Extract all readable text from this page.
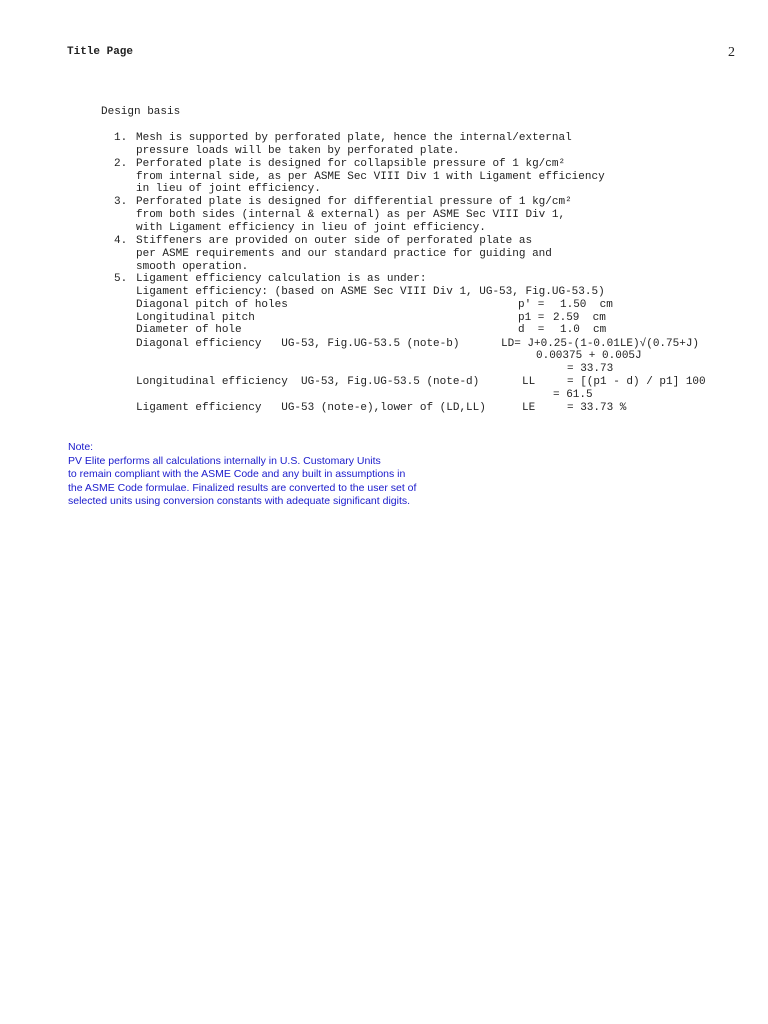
Title Page	2
Design basis
1. Mesh is supported by perforated plate, hence the internal/external
pressure loads will be taken by perforated plate.
2. Perforated plate is designed for collapsible pressure of 1 kg/cm²
from internal side, as per ASME Sec VIII Div 1 with Ligament efficiency
in lieu of joint efficiency.
3. Perforated plate is designed for differential pressure of 1 kg/cm²
from both sides (internal & external) as per ASME Sec VIII Div 1,
with Ligament efficiency in lieu of joint efficiency.
4. Stiffeners are provided on outer side of perforated plate as
per ASME requirements and our standard practice for guiding and
smooth operation.
5. Ligament efficiency calculation is as under:
Ligament efficiency: (based on ASME Sec VIII Div 1, UG-53, Fig.UG-53.5)
Diagonal pitch of holes	p' = 1.50  cm
Longitudinal pitch	p1 = 2.59  cm
Diameter of hole	d  = 1.0  cm
Diagonal efficiency   UG-53, Fig.UG-53.5 (note-b)	LD= J+0.25-(1-0.01LE)√(0.75+J)
0.00375 + 0.005J
= 33.73
Longitudinal efficiency  UG-53, Fig.UG-53.5 (note-d)	LL	= [(p1 - d) / p1] 100
= 61.5
Ligament efficiency   UG-53 (note-e),lower of (LD,LL)	LE	= 33.73 %
Note:
PV Elite performs all calculations internally in U.S. Customary Units
to remain compliant with the ASME Code and any built in assumptions in
the ASME Code formulae. Finalized results are converted to the user set of
selected units using conversion constants with adequate significant digits.
